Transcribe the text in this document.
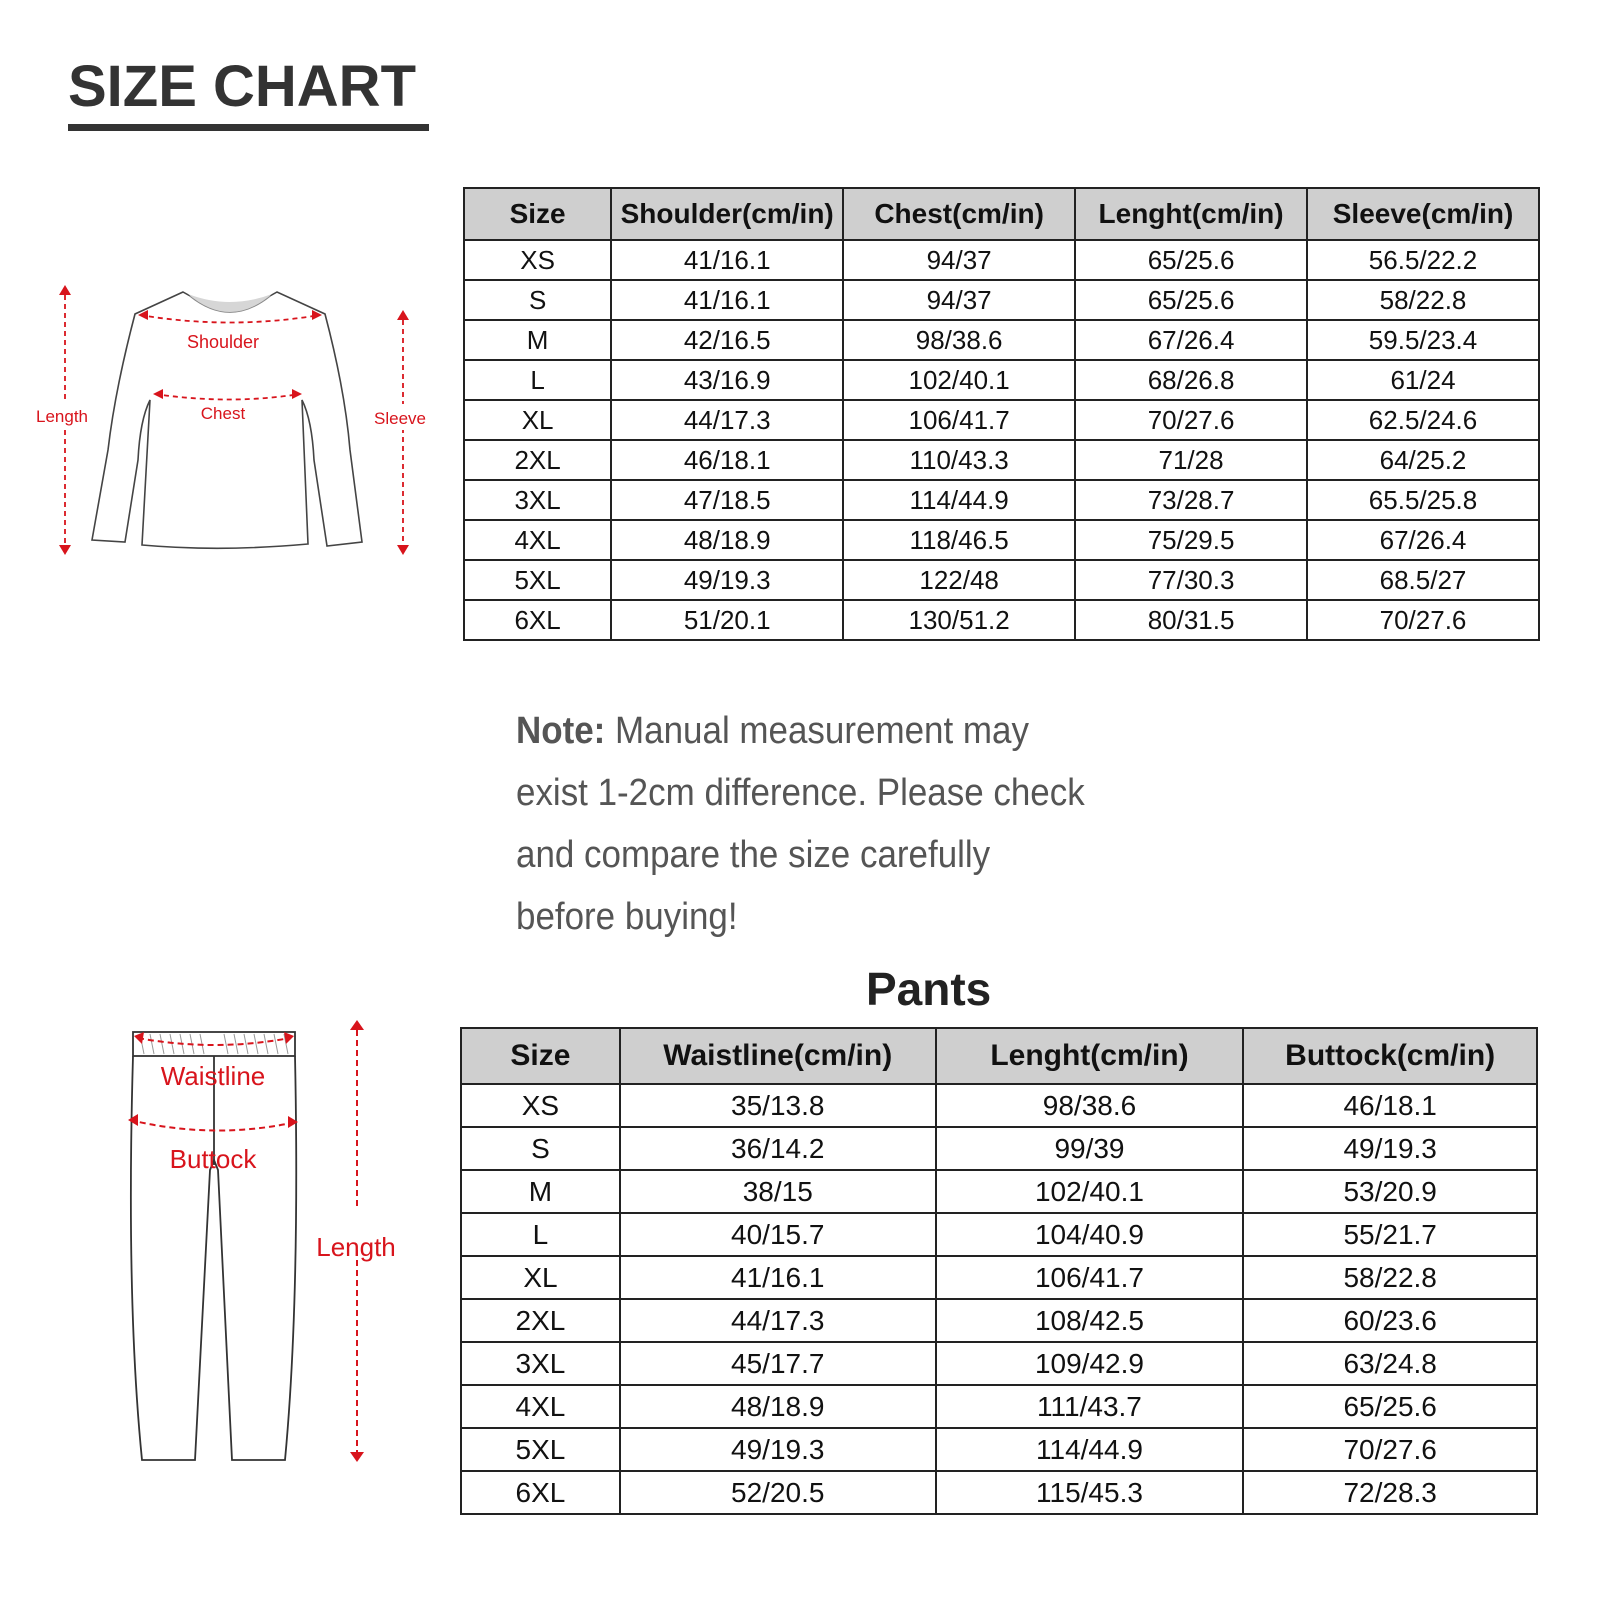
SIZE CHART
Shoulder
Chest
Length	Sleeve
Size	Shoulder(cm/in)	Chest(cm/in)	Lenght(cm/in)	Sleeve(cm/in)
XS	41/16.1	94/37	65/25.6	56.5/22.2
S	41/16.1	94/37	65/25.6	58/22.8
M	42/16.5	98/38.6	67/26.4	59.5/23.4
L	43/16.9	102/40.1	68/26.8	61/24
XL	44/17.3	106/41.7	70/27.6	62.5/24.6
2XL	46/18.1	110/43.3	71/28	64/25.2
3XL	47/18.5	114/44.9	73/28.7	65.5/25.8
4XL	48/18.9	118/46.5	75/29.5	67/26.4
5XL	49/19.3	122/48	77/30.3	68.5/27
6XL	51/20.1	130/51.2	80/31.5	70/27.6
Note: Manual measurement may exist 1-2cm difference. Please check and compare the size carefully before buying!
Pants
Waistline
Buttock
Length
Size	Waistline(cm/in)	Lenght(cm/in)	Buttock(cm/in)
XS	35/13.8	98/38.6	46/18.1
S	36/14.2	99/39	49/19.3
M	38/15	102/40.1	53/20.9
L	40/15.7	104/40.9	55/21.7
XL	41/16.1	106/41.7	58/22.8
2XL	44/17.3	108/42.5	60/23.6
3XL	45/17.7	109/42.9	63/24.8
4XL	48/18.9	111/43.7	65/25.6
5XL	49/19.3	114/44.9	70/27.6
6XL	52/20.5	115/45.3	72/28.3
